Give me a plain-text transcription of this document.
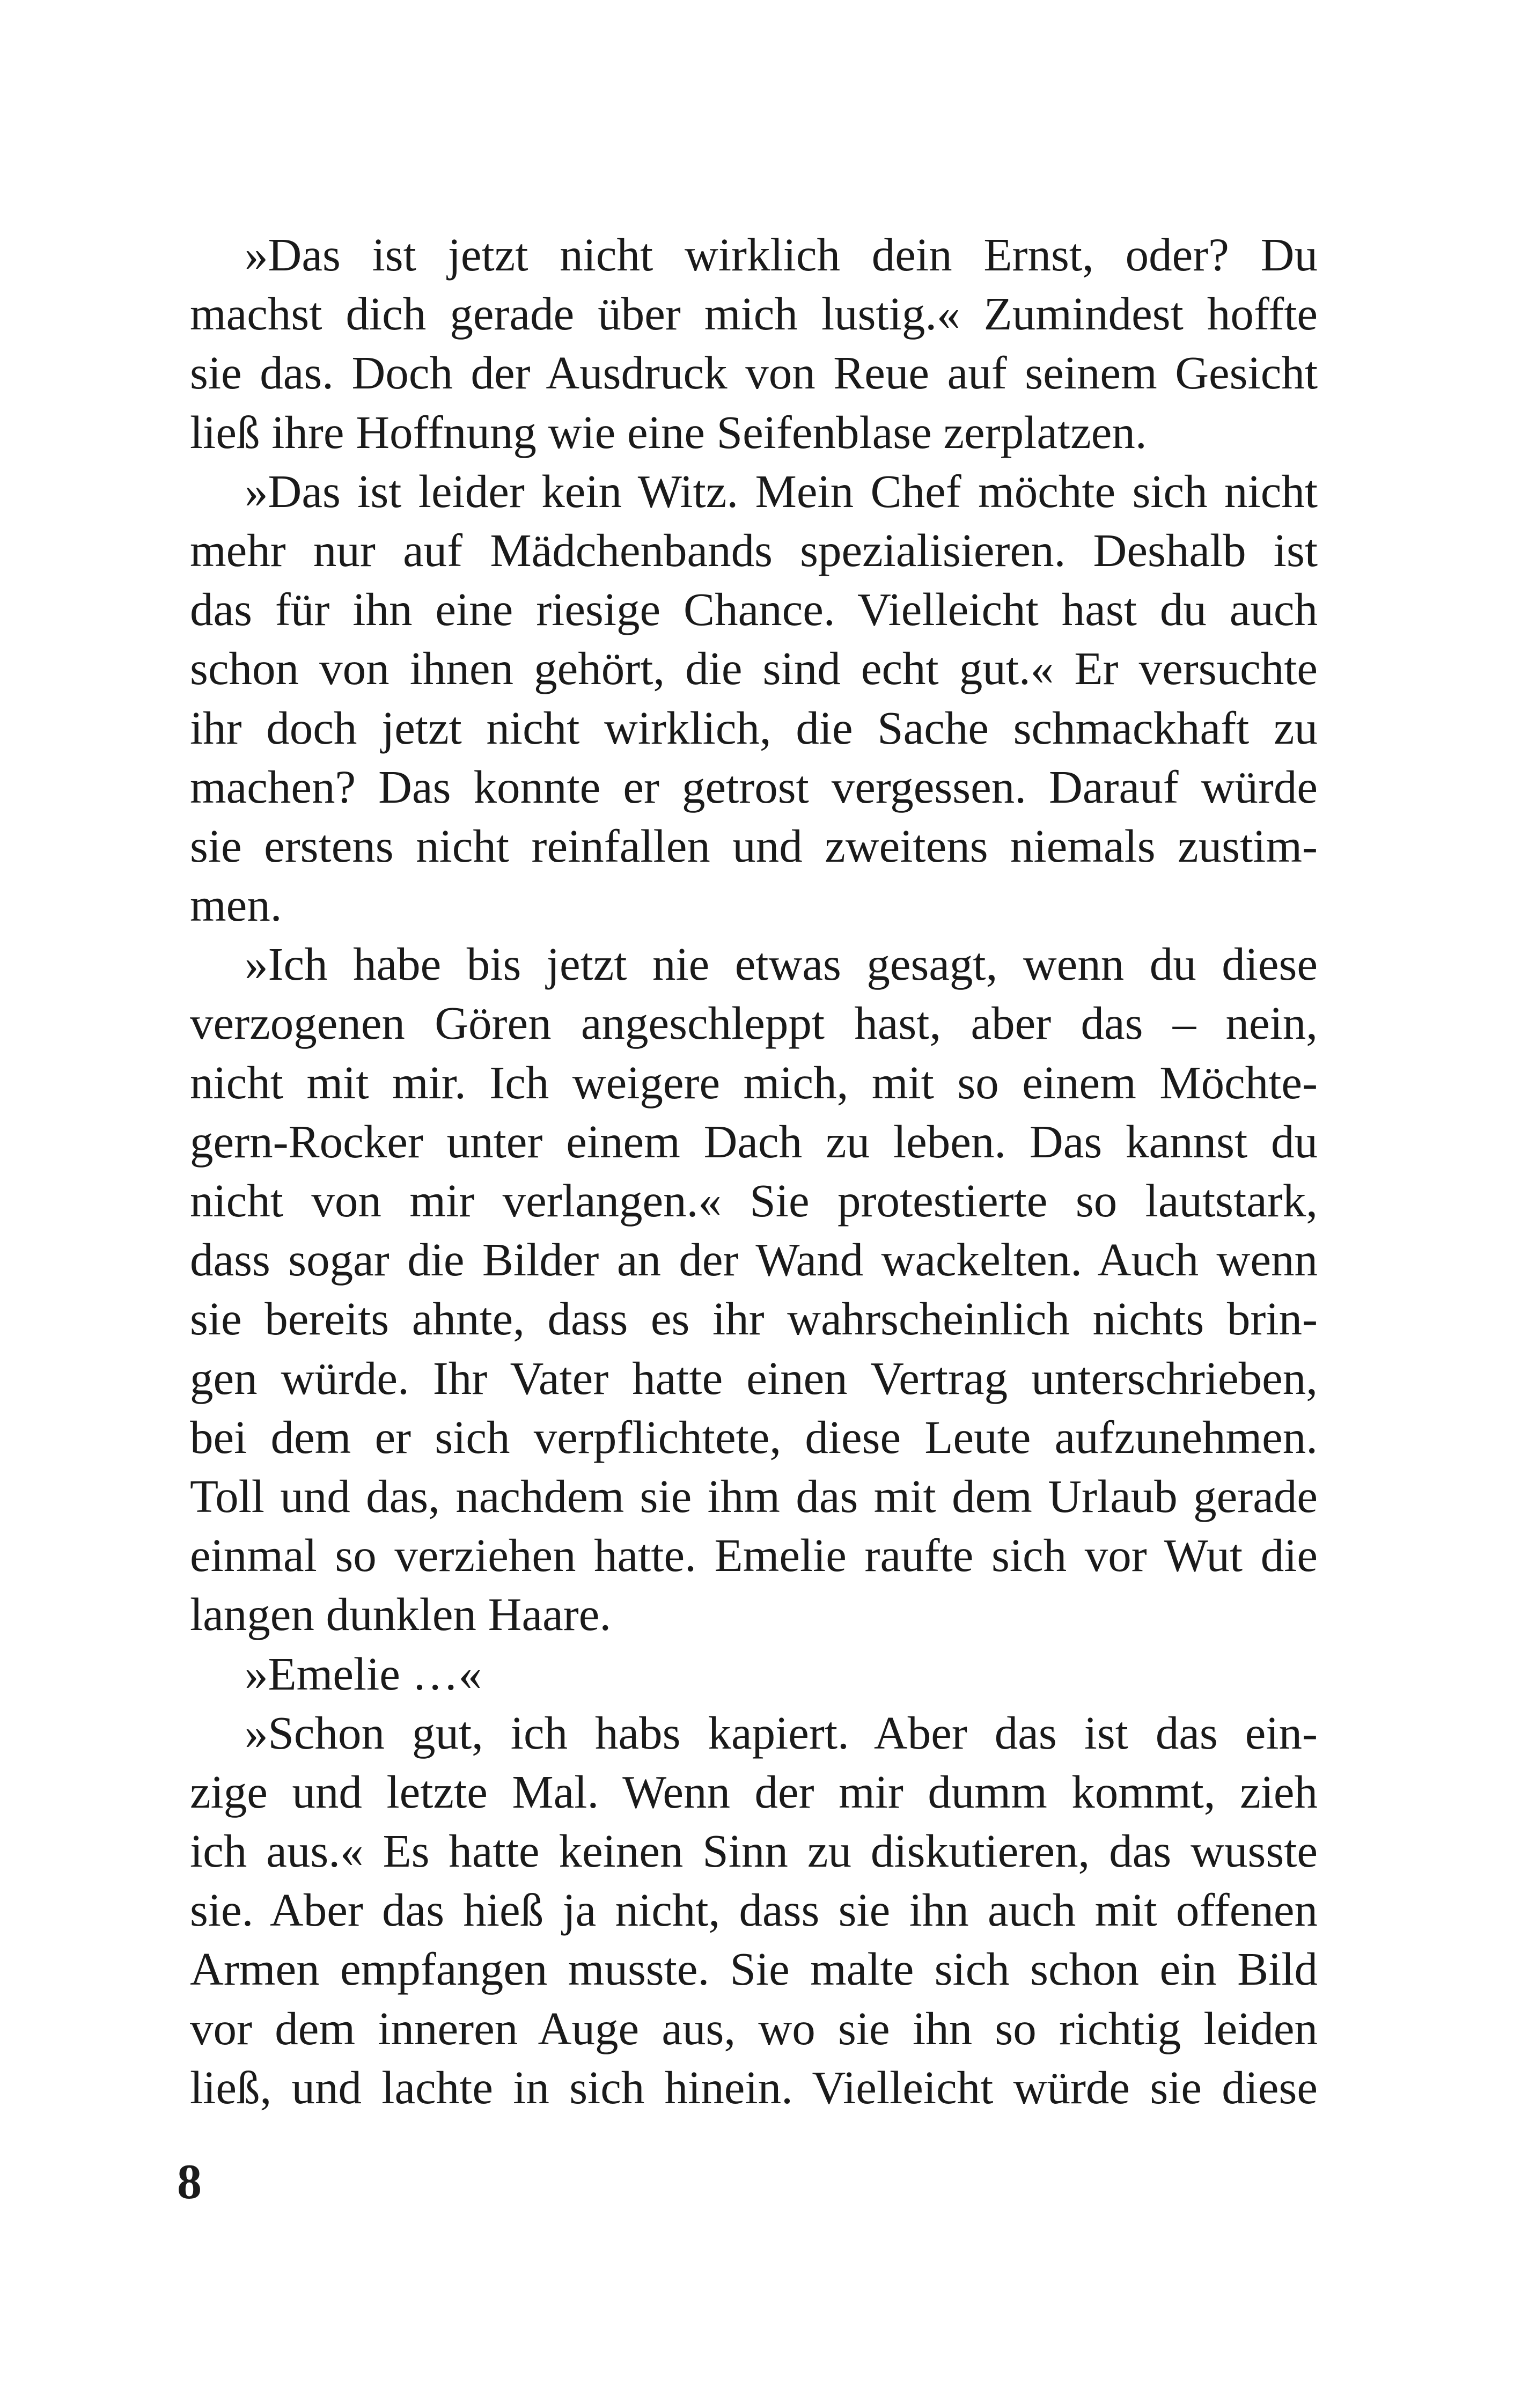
»Das ist jetzt nicht wirklich dein Ernst, oder? Du
machst dich gerade über mich lustig.« Zumindest hoffte
sie das. Doch der Ausdruck von Reue auf seinem Gesicht
ließ ihre Hoffnung wie eine Seifenblase zerplatzen.
»Das ist leider kein Witz. Mein Chef möchte sich nicht
mehr nur auf Mädchenbands spezialisieren. Deshalb ist
das für ihn eine riesige Chance. Vielleicht hast du auch
schon von ihnen gehört, die sind echt gut.« Er versuchte
ihr doch jetzt nicht wirklich, die Sache schmackhaft zu
machen? Das konnte er getrost vergessen. Darauf würde
sie erstens nicht reinfallen und zweitens niemals zustim-
men.
»Ich habe bis jetzt nie etwas gesagt, wenn du diese
verzogenen Gören angeschleppt hast, aber das – nein,
nicht mit mir. Ich weigere mich, mit so einem Möchte-
gern-Rocker unter einem Dach zu leben. Das kannst du
nicht von mir verlangen.« Sie protestierte so lautstark,
dass sogar die Bilder an der Wand wackelten. Auch wenn
sie bereits ahnte, dass es ihr wahrscheinlich nichts brin-
gen würde. Ihr Vater hatte einen Vertrag unterschrieben,
bei dem er sich verpflichtete, diese Leute aufzunehmen.
Toll und das, nachdem sie ihm das mit dem Urlaub gerade
einmal so verziehen hatte. Emelie raufte sich vor Wut die
langen dunklen Haare.
»Emelie …«
»Schon gut, ich habs kapiert. Aber das ist das ein-
zige und letzte Mal. Wenn der mir dumm kommt, zieh
ich aus.« Es hatte keinen Sinn zu diskutieren, das wusste
sie. Aber das hieß ja nicht, dass sie ihn auch mit offenen
Armen empfangen musste. Sie malte sich schon ein Bild
vor dem inneren Auge aus, wo sie ihn so richtig leiden
ließ, und lachte in sich hinein. Vielleicht würde sie diese
8
